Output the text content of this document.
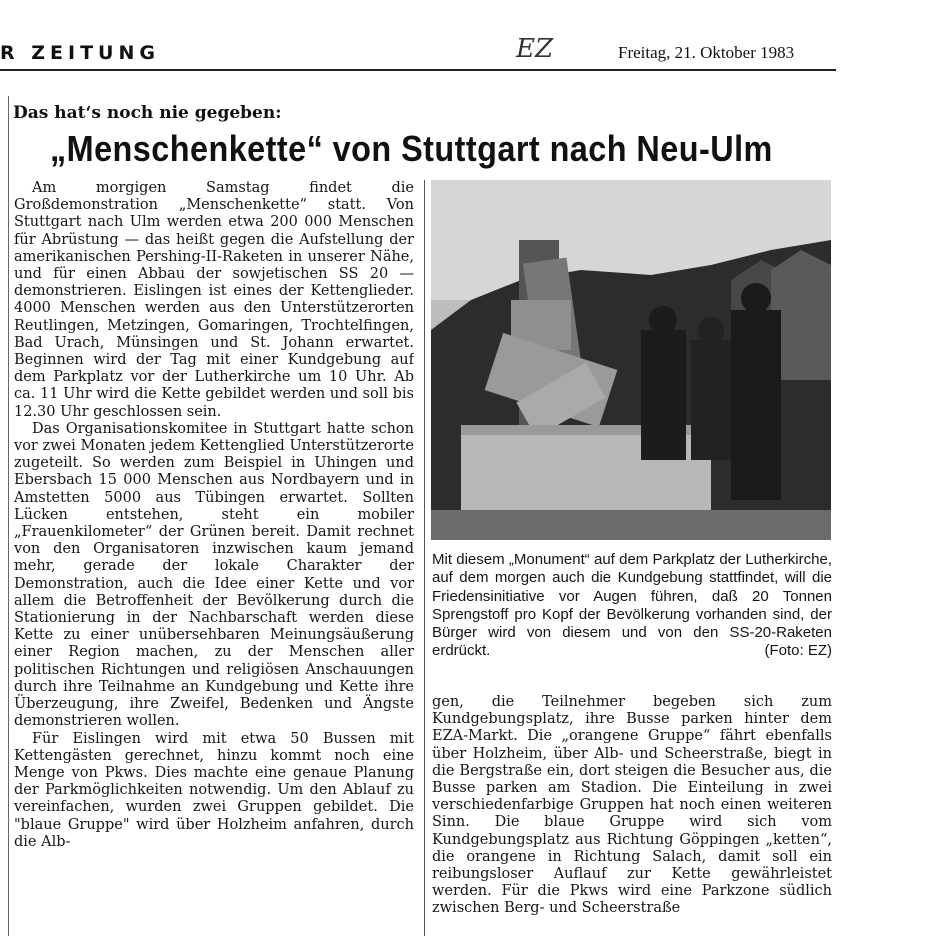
R ZEITUNG	EZ	Freitag, 21. Oktober 1983
Das hat‘s noch nie gegeben:
„Menschenkette“ von Stuttgart nach Neu-Ulm

Am morgigen Samstag findet die Großdemonstration „Menschenkette“ statt. Von Stuttgart nach Ulm werden etwa 200 000 Menschen für Abrüstung — das heißt gegen die Aufstellung der amerikanischen Pershing-II-Raketen in unserer Nähe, und für einen Abbau der sowjetischen SS 20 — demonstrieren. Eislingen ist eines der Kettenglieder. 4000 Menschen werden aus den Unterstützerorten Reutlingen, Metzingen, Gomaringen, Trochtelfingen, Bad Urach, Münsingen und St. Johann erwartet. Beginnen wird der Tag mit einer Kundgebung auf dem Parkplatz vor der Lutherkirche um 10 Uhr. Ab ca. 11 Uhr wird die Kette gebildet werden und soll bis 12.30 Uhr geschlossen sein.

Das Organisationskomitee in Stuttgart hatte schon vor zwei Monaten jedem Kettenglied Unterstützerorte zugeteilt. So werden zum Beispiel in Uhingen und Ebersbach 15 000 Menschen aus Nordbayern und in Amstetten 5000 aus Tübingen erwartet. Sollten Lücken entstehen, steht ein mobiler „Frauenkilometer“ der Grünen bereit. Damit rechnet von den Organisatoren inzwischen kaum jemand mehr, gerade der lokale Charakter der Demonstration, auch die Idee einer Kette und vor allem die Betroffenheit der Bevölkerung durch die Stationierung in der Nachbarschaft werden diese Kette zu einer unübersehbaren Meinungsäußerung einer Region machen, zu der Menschen aller politischen Richtungen und religiösen Anschauungen durch ihre Teilnahme an Kundgebung und Kette ihre Überzeugung, ihre Zweifel, Bedenken und Ängste demonstrieren wollen.

Für Eislingen wird mit etwa 50 Bussen mit Kettengästen gerechnet, hinzu kommt noch eine Menge von Pkws. Dies machte eine genaue Planung der Parkmöglichkeiten notwendig. Um den Ablauf zu vereinfachen, wurden zwei Gruppen gebildet. Die "blaue Gruppe" wird über Holzheim anfahren, durch die Alb-

Mit diesem „Monument“ auf dem Parkplatz der Lutherkirche, auf dem morgen auch die Kundgebung stattfindet, will die Friedensinitiative vor Augen führen, daß 20 Tonnen Sprengstoff pro Kopf der Bevölkerung vorhanden sind, der Bürger wird von diesem und von den SS-20-Raketen erdrückt.	(Foto: EZ)

gen, die Teilnehmer begeben sich zum Kundgebungsplatz, ihre Busse parken hinter dem EZA-Markt. Die „orangene Gruppe“ fährt ebenfalls über Holzheim, über Alb- und Scheerstraße, biegt in die Bergstraße ein, dort steigen die Besucher aus, die Busse parken am Stadion. Die Einteilung in zwei verschiedenfarbige Gruppen hat noch einen weiteren Sinn. Die blaue Gruppe wird sich vom Kundgebungsplatz aus Richtung Göppingen „ketten“, die orangene in Richtung Salach, damit soll ein reibungsloser Auflauf zur Kette gewährleistet werden. Für die Pkws wird eine Parkzone südlich zwischen Berg- und Scheerstraße
